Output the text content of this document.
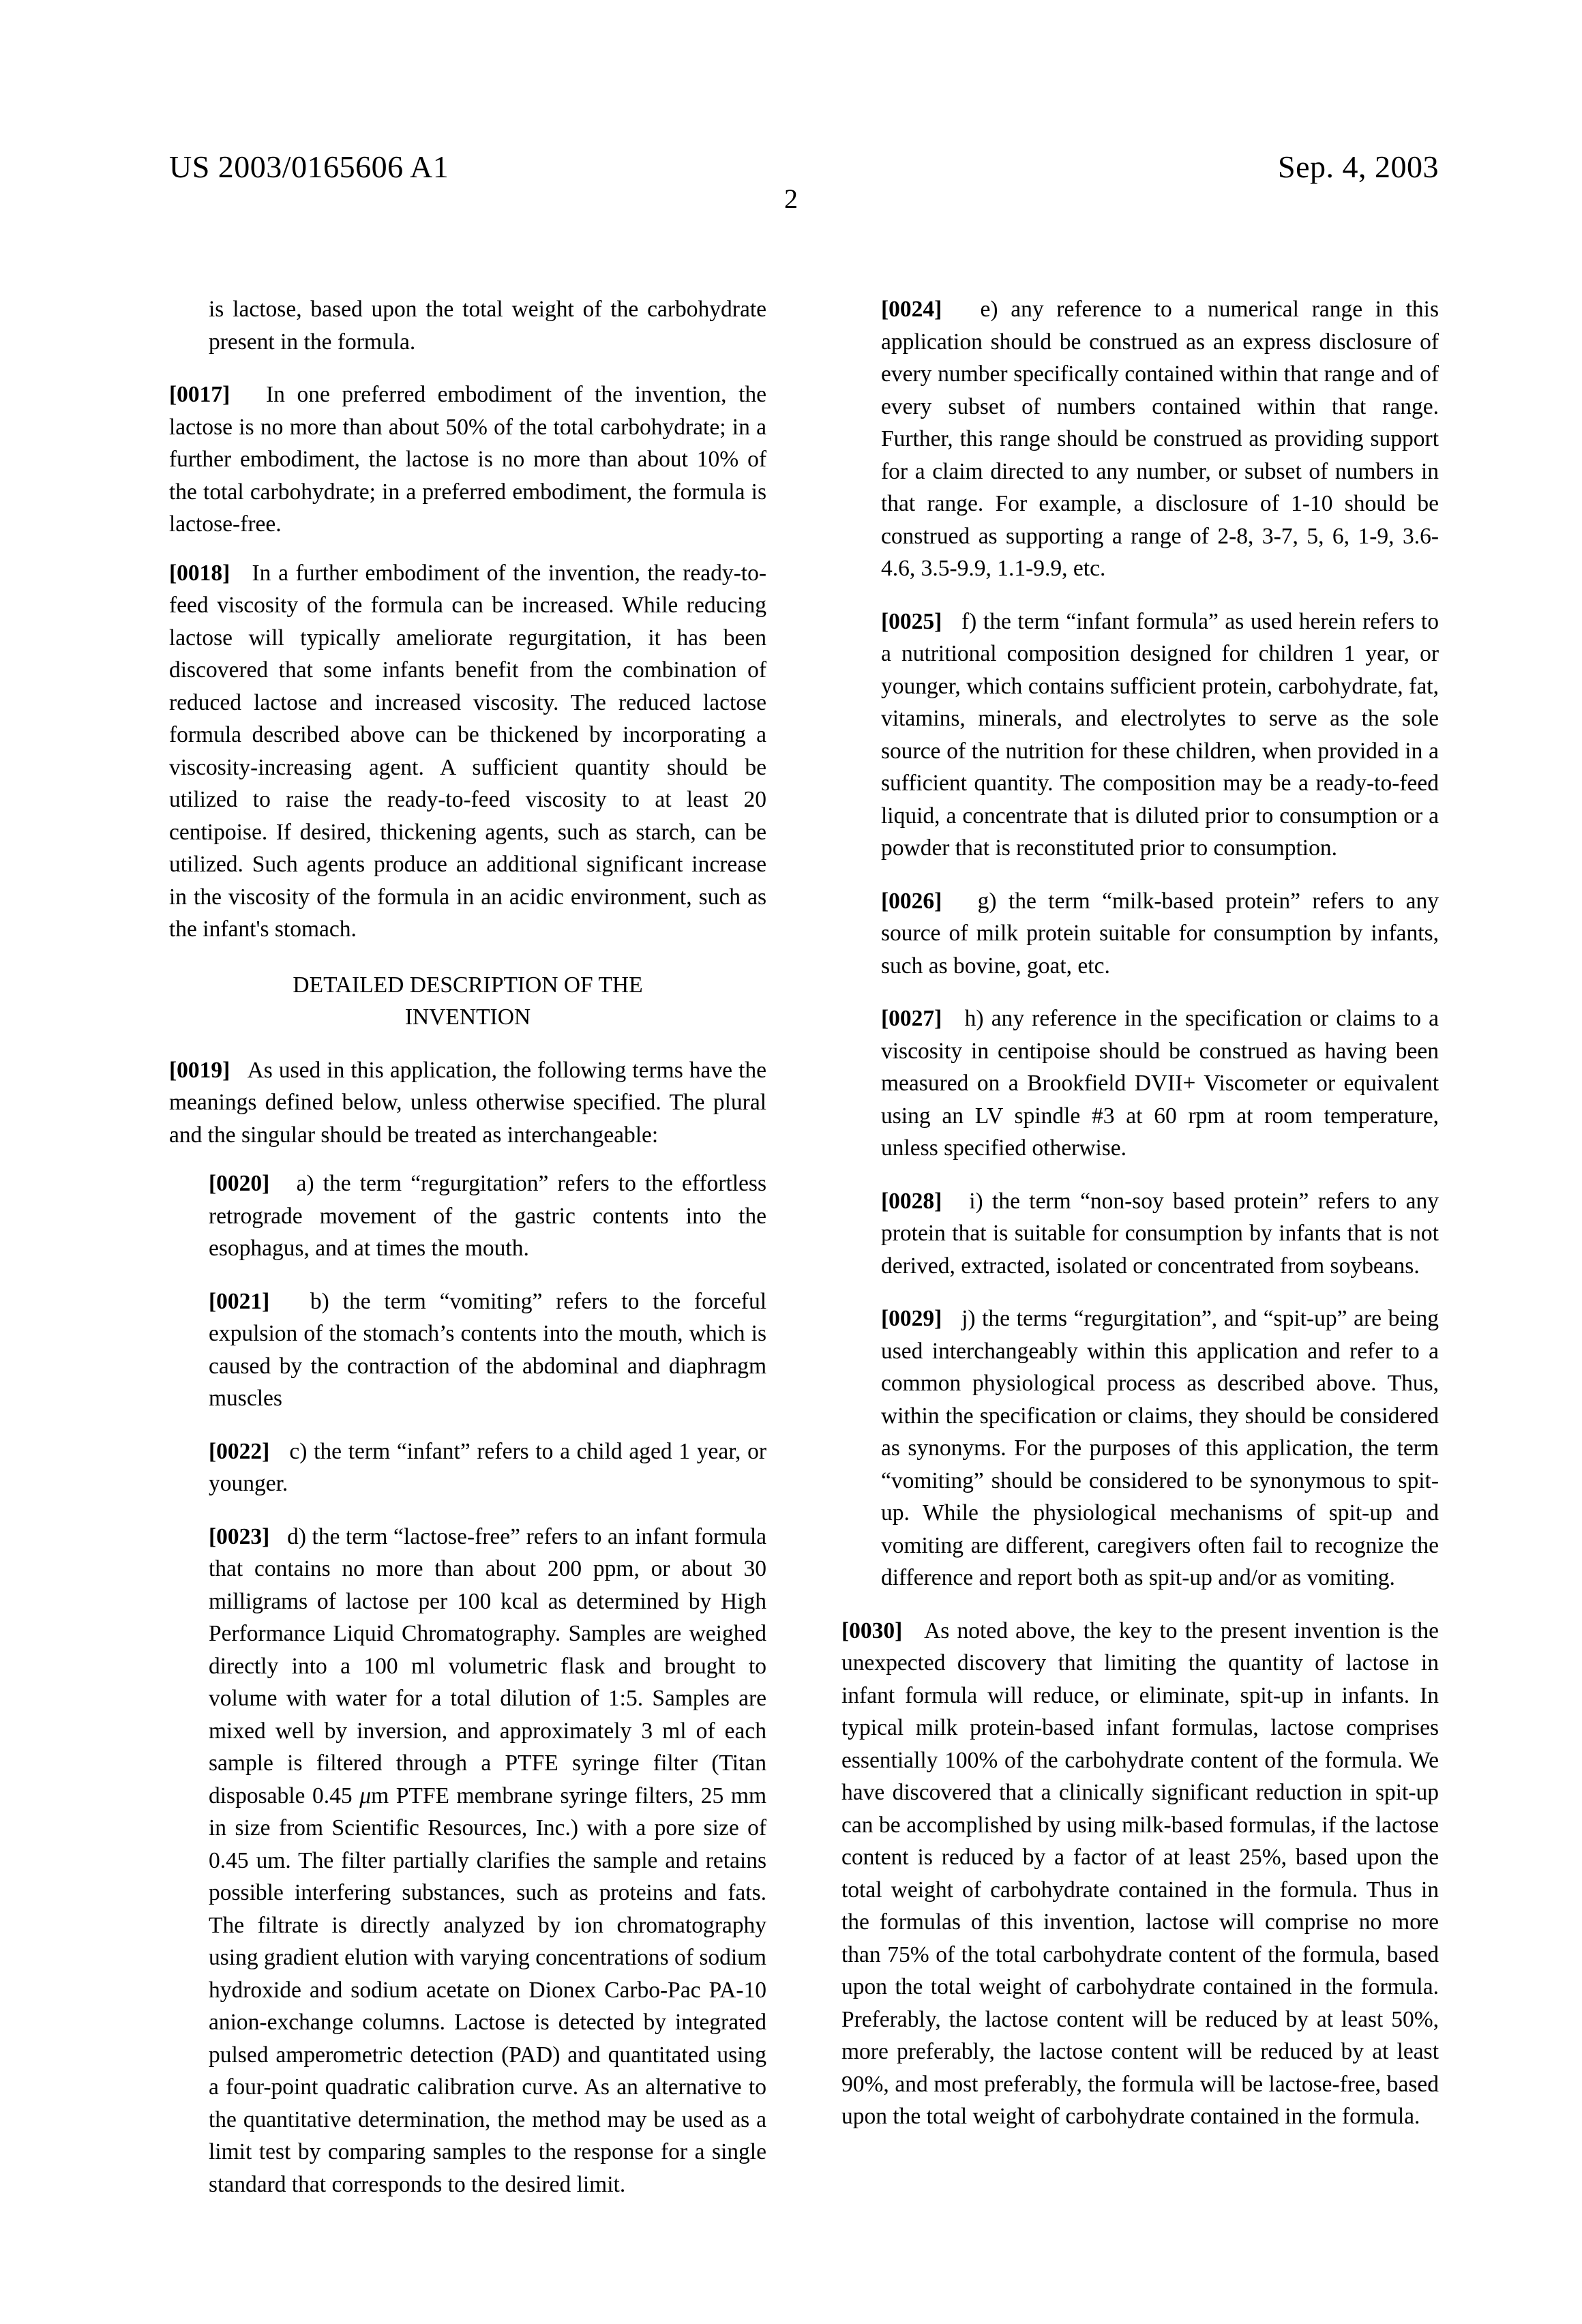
US 2003/0165606 A1	Sep. 4, 2003
2

is lactose, based upon the total weight of the carbohydrate present in the formula.

[0017] In one preferred embodiment of the invention, the lactose is no more than about 50% of the total carbohydrate; in a further embodiment, the lactose is no more than about 10% of the total carbohydrate; in a preferred embodiment, the formula is lactose-free.

[0018] In a further embodiment of the invention, the ready-to-feed viscosity of the formula can be increased. While reducing lactose will typically ameliorate regurgitation, it has been discovered that some infants benefit from the combination of reduced lactose and increased viscosity. The reduced lactose formula described above can be thickened by incorporating a viscosity-increasing agent. A sufficient quantity should be utilized to raise the ready-to-feed viscosity to at least 20 centipoise. If desired, thickening agents, such as starch, can be utilized. Such agents produce an additional significant increase in the viscosity of the formula in an acidic environment, such as the infant's stomach.

DETAILED DESCRIPTION OF THE
INVENTION

[0019] As used in this application, the following terms have the meanings defined below, unless otherwise specified. The plural and the singular should be treated as interchangeable:

[0020] a) the term “regurgitation” refers to the effortless retrograde movement of the gastric contents into the esophagus, and at times the mouth.

[0021] b) the term “vomiting” refers to the forceful expulsion of the stomach’s contents into the mouth, which is caused by the contraction of the abdominal and diaphragm muscles

[0022] c) the term “infant” refers to a child aged 1 year, or younger.

[0023] d) the term “lactose-free” refers to an infant formula that contains no more than about 200 ppm, or about 30 milligrams of lactose per 100 kcal as determined by High Performance Liquid Chromatography. Samples are weighed directly into a 100 ml volumetric flask and brought to volume with water for a total dilution of 1:5. Samples are mixed well by inversion, and approximately 3 ml of each sample is filtered through a PTFE syringe filter (Titan disposable 0.45 μm PTFE membrane syringe filters, 25 mm in size from Scientific Resources, Inc.) with a pore size of 0.45 um. The filter partially clarifies the sample and retains possible interfering substances, such as proteins and fats. The filtrate is directly analyzed by ion chromatography using gradient elution with varying concentrations of sodium hydroxide and sodium acetate on Dionex Carbo-Pac PA-10 anion-exchange columns. Lactose is detected by integrated pulsed amperometric detection (PAD) and quantitated using a four-point quadratic calibration curve. As an alternative to the quantitative determination, the method may be used as a limit test by comparing samples to the response for a single standard that corresponds to the desired limit.

[0024] e) any reference to a numerical range in this application should be construed as an express disclosure of every number specifically contained within that range and of every subset of numbers contained within that range. Further, this range should be construed as providing support for a claim directed to any number, or subset of numbers in that range. For example, a disclosure of 1-10 should be construed as supporting a range of 2-8, 3-7, 5, 6, 1-9, 3.6-4.6, 3.5-9.9, 1.1-9.9, etc.

[0025] f) the term “infant formula” as used herein refers to a nutritional composition designed for children 1 year, or younger, which contains sufficient protein, carbohydrate, fat, vitamins, minerals, and electrolytes to serve as the sole source of the nutrition for these children, when provided in a sufficient quantity. The composition may be a ready-to-feed liquid, a concentrate that is diluted prior to consumption or a powder that is reconstituted prior to consumption.

[0026] g) the term “milk-based protein” refers to any source of milk protein suitable for consumption by infants, such as bovine, goat, etc.

[0027] h) any reference in the specification or claims to a viscosity in centipoise should be construed as having been measured on a Brookfield DVII+ Viscometer or equivalent using an LV spindle #3 at 60 rpm at room temperature, unless specified otherwise.

[0028] i) the term “non-soy based protein” refers to any protein that is suitable for consumption by infants that is not derived, extracted, isolated or concentrated from soybeans.

[0029] j) the terms “regurgitation”, and “spit-up” are being used interchangeably within this application and refer to a common physiological process as described above. Thus, within the specification or claims, they should be considered as synonyms. For the purposes of this application, the term “vomiting” should be considered to be synonymous to spit-up. While the physiological mechanisms of spit-up and vomiting are different, caregivers often fail to recognize the difference and report both as spit-up and/or as vomiting.

[0030] As noted above, the key to the present invention is the unexpected discovery that limiting the quantity of lactose in infant formula will reduce, or eliminate, spit-up in infants. In typical milk protein-based infant formulas, lactose comprises essentially 100% of the carbohydrate content of the formula. We have discovered that a clinically significant reduction in spit-up can be accomplished by using milk-based formulas, if the lactose content is reduced by a factor of at least 25%, based upon the total weight of carbohydrate contained in the formula. Thus in the formulas of this invention, lactose will comprise no more than 75% of the total carbohydrate content of the formula, based upon the total weight of carbohydrate contained in the formula. Preferably, the lactose content will be reduced by at least 50%, more preferably, the lactose content will be reduced by at least 90%, and most preferably, the formula will be lactose-free, based upon the total weight of carbohydrate contained in the formula.
